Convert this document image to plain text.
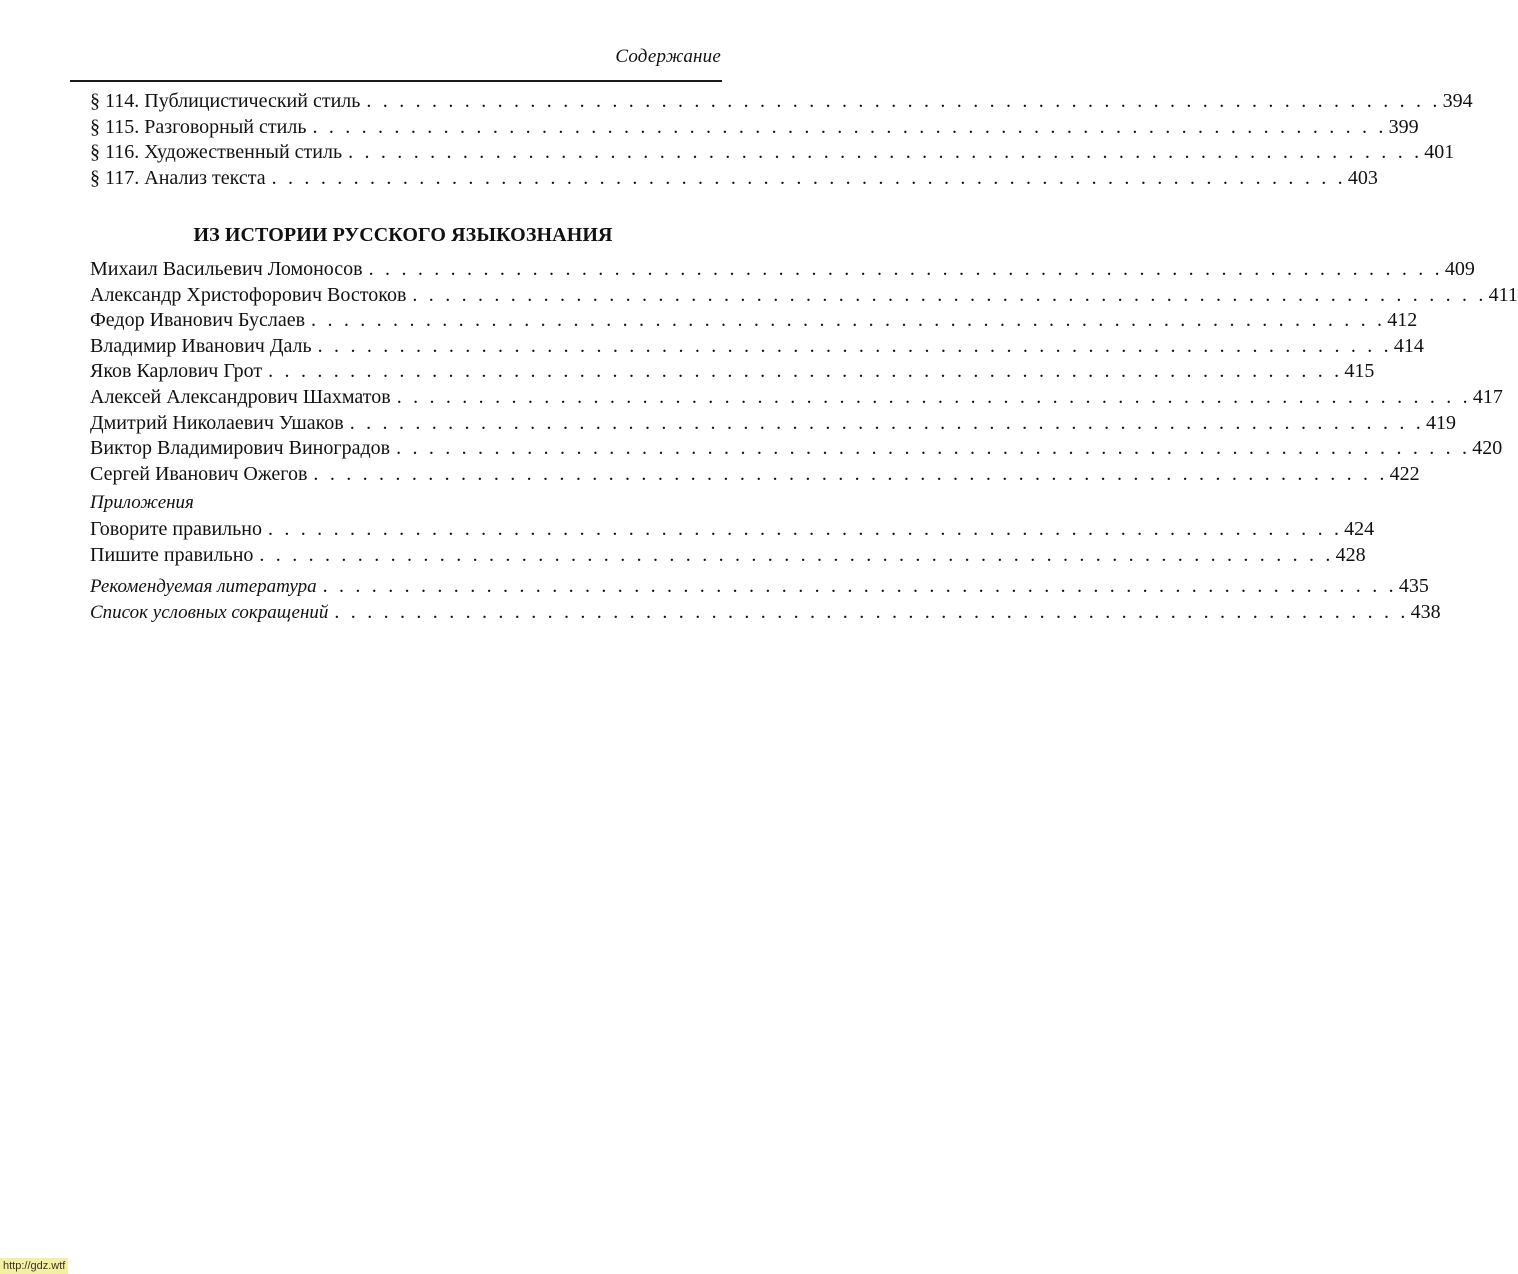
Содержание
§ 114. Публицистический стиль . . . . . . . . . . . . . . . . . . . . . . . . . . . . . . . . . . . . . . . . . . . . . . . . . . . . . . . . . . . . . . . . . . 394
§ 115. Разговорный стиль . . . . . . . . . . . . . . . . . . . . . . . . . . . . . . . . . . . . . . . . . . . . . . . . . . . . . . . . . . . . . . . . . . 399
§ 116. Художественный стиль . . . . . . . . . . . . . . . . . . . . . . . . . . . . . . . . . . . . . . . . . . . . . . . . . . . . . . . . . . . . . . . . . . 401
§ 117. Анализ текста . . . . . . . . . . . . . . . . . . . . . . . . . . . . . . . . . . . . . . . . . . . . . . . . . . . . . . . . . . . . . . . . . . 403
ИЗ ИСТОРИИ РУССКОГО ЯЗЫКОЗНАНИЯ
Михаил Васильевич Ломоносов . . . . . . . . . . . . . . . . . . . . . . . . . . . . . . . . . . . . . . . . . . . . . . . . . . . . . . . . . . . . . . . . . . 409
Александр Христофорович Востоков . . . . . . . . . . . . . . . . . . . . . . . . . . . . . . . . . . . . . . . . . . . . . . . . . . . . . . . . . . . . . . . . . . 411
Федор Иванович Буслаев . . . . . . . . . . . . . . . . . . . . . . . . . . . . . . . . . . . . . . . . . . . . . . . . . . . . . . . . . . . . . . . . . . 412
Владимир Иванович Даль . . . . . . . . . . . . . . . . . . . . . . . . . . . . . . . . . . . . . . . . . . . . . . . . . . . . . . . . . . . . . . . . . . 414
Яков Карлович Грот . . . . . . . . . . . . . . . . . . . . . . . . . . . . . . . . . . . . . . . . . . . . . . . . . . . . . . . . . . . . . . . . . . 415
Алексей Александрович Шахматов . . . . . . . . . . . . . . . . . . . . . . . . . . . . . . . . . . . . . . . . . . . . . . . . . . . . . . . . . . . . . . . . . . 417
Дмитрий Николаевич Ушаков . . . . . . . . . . . . . . . . . . . . . . . . . . . . . . . . . . . . . . . . . . . . . . . . . . . . . . . . . . . . . . . . . . 419
Виктор Владимирович Виноградов . . . . . . . . . . . . . . . . . . . . . . . . . . . . . . . . . . . . . . . . . . . . . . . . . . . . . . . . . . . . . . . . . . 420
Сергей Иванович Ожегов . . . . . . . . . . . . . . . . . . . . . . . . . . . . . . . . . . . . . . . . . . . . . . . . . . . . . . . . . . . . . . . . . . 422
Приложения
Говорите правильно . . . . . . . . . . . . . . . . . . . . . . . . . . . . . . . . . . . . . . . . . . . . . . . . . . . . . . . . . . . . . . . . . . 424
Пишите правильно . . . . . . . . . . . . . . . . . . . . . . . . . . . . . . . . . . . . . . . . . . . . . . . . . . . . . . . . . . . . . . . . . . 428
Рекомендуемая литература . . . . . . . . . . . . . . . . . . . . . . . . . . . . . . . . . . . . . . . . . . . . . . . . . . . . . . . . . . . . . . . . . . 435
Список условных сокращений . . . . . . . . . . . . . . . . . . . . . . . . . . . . . . . . . . . . . . . . . . . . . . . . . . . . . . . . . . . . . . . . . . 438
http://gdz.wtf
